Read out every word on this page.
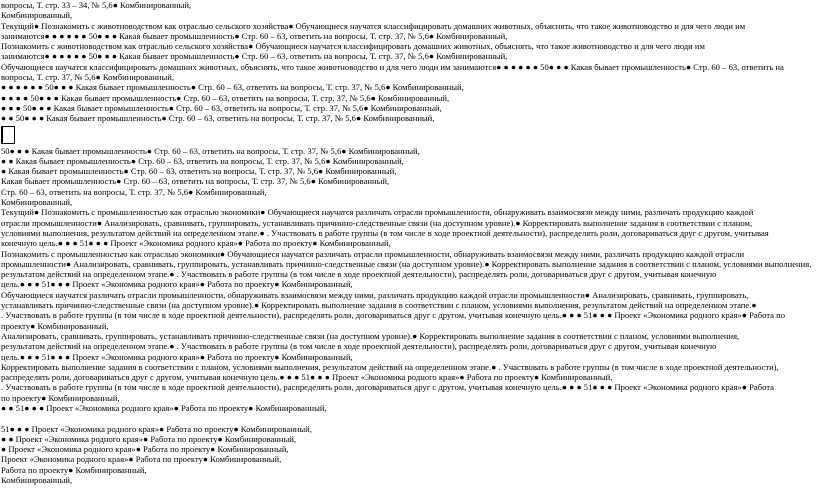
вопросы, Т. стр. 33 – 34, № 5,6● Комбинированный,
Комбинированный,
Текущий● Познакомить с животноводством как отраслью сельского хозяйства● Обучающиеся научатся классифицировать домашних животных, объяснять, что такое животноводство и для чего люди им
занимаются● ● ● ● ● ● 50● ● ● Какая бывает промышленность● Стр. 60 – 63, ответить на вопросы, Т. стр. 37, № 5,6● Комбинированный,
Познакомить с животноводством как отраслью сельского хозяйства● Обучающиеся научатся классифицировать домашних животных, объяснять, что такое животноводство и для чего люди им
занимаются● ● ● ● ● ● 50● ● ● Какая бывает промышленность● Стр. 60 – 63, ответить на вопросы, Т. стр. 37, № 5,6● Комбинированный,
Обучающиеся научатся классифицировать домашних животных, объяснять, что такое животноводство и для чего люди им занимаются● ● ● ● ● ● 50● ● ● Какая бывает промышленность● Стр. 60 – 63, ответить на
вопросы, Т. стр. 37, № 5,6● Комбинированный,
● ● ● ● ● ● 50● ● ● Какая бывает промышленность● Стр. 60 – 63, ответить на вопросы, Т. стр. 37, № 5,6● Комбинированный,
● ● ● ● 50● ● ● Какая бывает промышленность● Стр. 60 – 63, ответить на вопросы, Т. стр. 37, № 5,6● Комбинированный,
● ● ● 50● ● ● Какая бывает промышленность● Стр. 60 – 63, ответить на вопросы, Т. стр. 37, № 5,6● Комбинированный,
● ● 50● ● ● Какая бывает промышленность● Стр. 60 – 63, ответить на вопросы, Т. стр. 37, № 5,6● Комбинированный,
50● ● ● Какая бывает промышленность● Стр. 60 – 63, ответить на вопросы, Т. стр. 37, № 5,6● Комбинированный,
● ● Какая бывает промышленность● Стр. 60 – 63, ответить на вопросы, Т. стр. 37, № 5,6● Комбинированный,
● Какая бывает промышленность● Стр. 60 – 63, ответить на вопросы, Т. стр. 37, № 5,6● Комбинированный,
Какая бывает промышленность● Стр. 60 – 63, ответить на вопросы, Т. стр. 37, № 5,6● Комбинированный,
Стр. 60 – 63, ответить на вопросы, Т. стр. 37, № 5,6● Комбинированный,
Комбинированный,
Текущий● Познакомить с промышленностью как отраслью экономики● Обучающиеся научатся различать отрасли промышленности, обнаруживать взаимосвязи между ними, различать продукцию каждой
отрасли промышленности● Анализировать, сравнивать, группировать, устанавливать причинно-следственные связи (на доступном уровне).● Корректировать выполнение задания в соответствии с планом,
условиями выполнения, результатом действий на определенном этапе.● . Участвовать в работе группы (в том числе в ходе проектной деятельности), распределять роли, договариваться друг с другом, учитывая
конечную цель.● ● ● 51● ● ● Проект «Экономика родного края»● Работа по проекту● Комбинированный,
Познакомить с промышленностью как отраслью экономики● Обучающиеся научатся различать отрасли промышленности, обнаруживать взаимосвязи между ними, различать продукцию каждой отрасли
промышленности● Анализировать, сравнивать, группировать, устанавливать причинно-следственные связи (на доступном уровне).● Корректировать выполнение задания в соответствии с планом, условиями выполнения,
результатом действий на определенном этапе.● . Участвовать в работе группы (в том числе в ходе проектной деятельности), распределять роли, договариваться друг с другом, учитывая конечную
цель.● ● ● 51● ● ● Проект «Экономика родного края»● Работа по проекту● Комбинированный,
Обучающиеся научатся различать отрасли промышленности, обнаруживать взаимосвязи между ними, различать продукцию каждой отрасли промышленности● Анализировать, сравнивать, группировать,
устанавливать причинно-следственные связи (на доступном уровне).● Корректировать выполнение задания в соответствии с планом, условиями выполнения, результатом действий на определенном этапе.●
. Участвовать в работе группы (в том числе в ходе проектной деятельности), распределять роли, договариваться друг с другом, учитывая конечную цель.● ● ● 51● ● ● Проект «Экономика родного края»● Работа по
проекту● Комбинированный,
Анализировать, сравнивать, группировать, устанавливать причинно-следственные связи (на доступном уровне).● Корректировать выполнение задания в соответствии с планом, условиями выполнения,
результатом действий на определенном этапе.● . Участвовать в работе группы (в том числе в ходе проектной деятельности), распределять роли, договариваться друг с другом, учитывая конечную
цель.● ● ● 51● ● ● Проект «Экономика родного края»● Работа по проекту● Комбинированный,
Корректировать выполнение задания в соответствии с планом, условиями выполнения, результатом действий на определенном этапе.● . Участвовать в работе группы (в том числе в ходе проектной деятельности),
распределять роли, договариваться друг с другом, учитывая конечную цель.● ● ● 51● ● ● Проект «Экономика родного края»● Работа по проекту● Комбинированный,
. Участвовать в работе группы (в том числе в ходе проектной деятельности), распределять роли, договариваться друг с другом, учитывая конечную цель.● ● ● 51● ● ● Проект «Экономика родного края»● Работа
по проекту● Комбинированный,
● ● 51● ● ● Проект «Экономика родного края»● Работа по проекту● Комбинированный,
51● ● ● Проект «Экономика родного края»● Работа по проекту● Комбинированный,
● ● Проект «Экономика родного края»● Работа по проекту● Комбинированный,
● Проект «Экономика родного края»● Работа по проекту● Комбинированный,
Проект «Экономика родного края»● Работа по проекту● Комбинированный,
Работа по проекту● Комбинированный,
Комбинированный,
